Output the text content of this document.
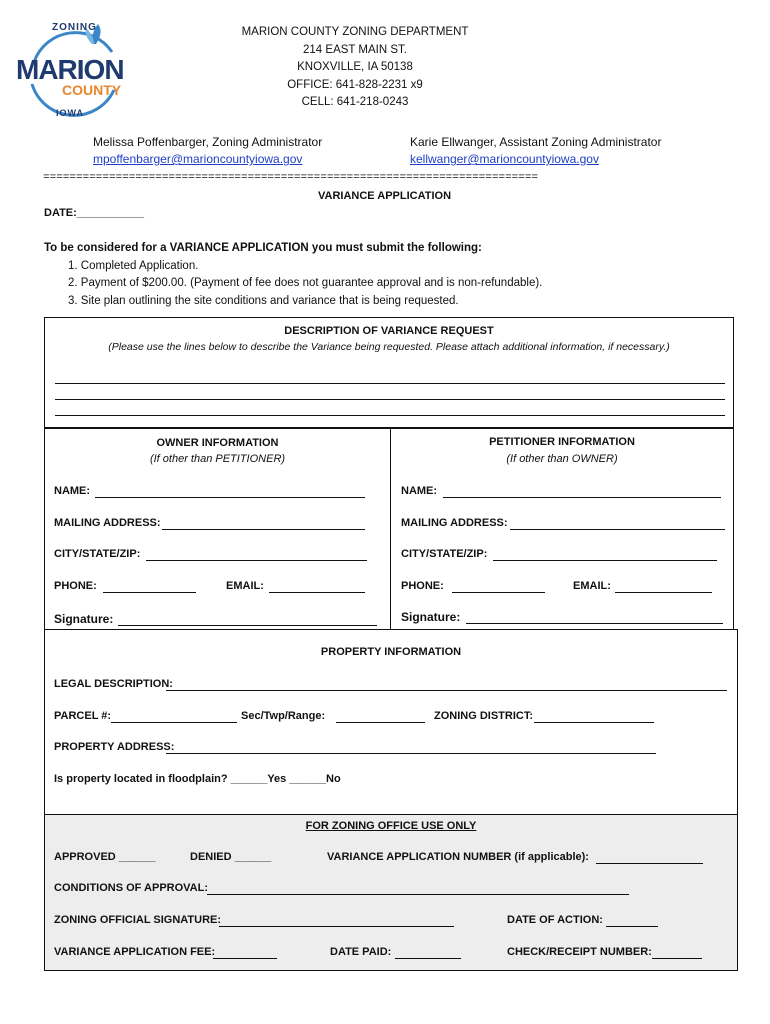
ZONING
MARION
COUNTY
IOWA
MARION COUNTY ZONING DEPARTMENT
214 EAST MAIN ST.
KNOXVILLE, IA 50138
OFFICE: 641-828-2231 x9
CELL: 641-218-0243
Melissa Poffenbarger, Zoning Administrator
mpoffenbarger@marioncountyiowa.gov
Karie Ellwanger, Assistant Zoning Administrator
kellwanger@marioncountyiowa.gov
===========================================================================
VARIANCE APPLICATION
DATE:___________
To be considered for a VARIANCE APPLICATION you must submit the following:
1. Completed Application.
2. Payment of $200.00. (Payment of fee does not guarantee approval and is non-refundable).
3. Site plan outlining the site conditions and variance that is being requested.
DESCRIPTION OF VARIANCE REQUEST
(Please use the lines below to describe the Variance being requested. Please attach additional information, if necessary.)
OWNER INFORMATION
(If other than PETITIONER)
PETITIONER INFORMATION
(If other than OWNER)
NAME:	NAME:
MAILING ADDRESS:	MAILING ADDRESS:
CITY/STATE/ZIP:	CITY/STATE/ZIP:
PHONE:	EMAIL:	PHONE:	EMAIL:
Signature:	Signature:
PROPERTY INFORMATION
LEGAL DESCRIPTION:
PARCEL #:	Sec/Twp/Range:	ZONING DISTRICT:
PROPERTY ADDRESS:
Is property located in floodplain? ______Yes ______No
FOR ZONING OFFICE USE ONLY
APPROVED ______	DENIED ______	VARIANCE APPLICATION NUMBER (if applicable):
CONDITIONS OF APPROVAL:
ZONING OFFICIAL SIGNATURE:	DATE OF ACTION:
VARIANCE APPLICATION FEE:	DATE PAID:	CHECK/RECEIPT NUMBER:
